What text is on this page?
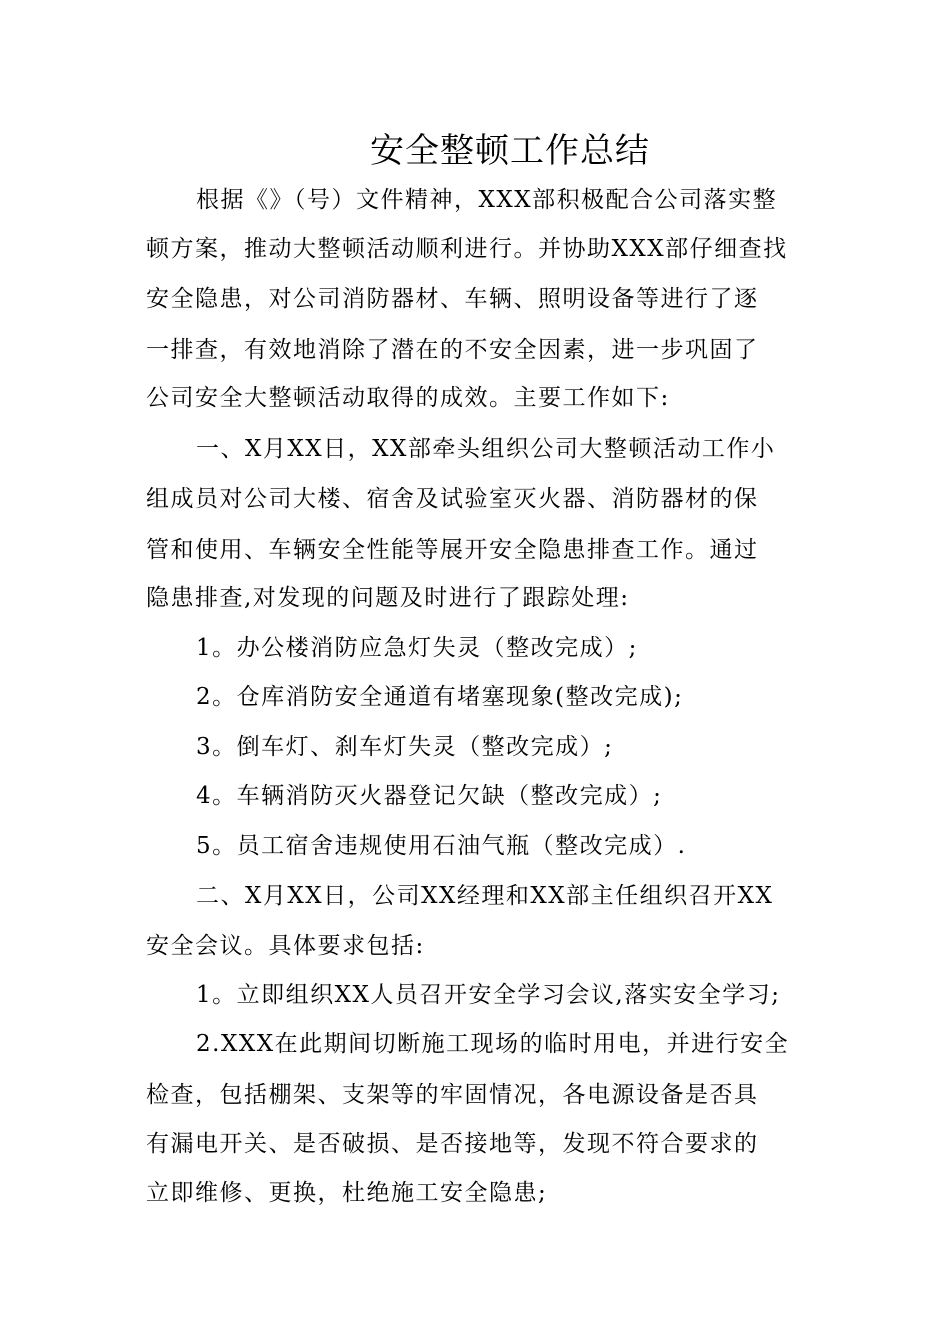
安全整顿工作总结
根据《》（号）文件精神，XXX部积极配合公司落实整
顿方案，推动大整顿活动顺利进行。并协助XXX部仔细查找
安全隐患，对公司消防器材、车辆、照明设备等进行了逐
一排查，有效地消除了潜在的不安全因素，进一步巩固了
公司安全大整顿活动取得的成效。主要工作如下:
一、X月XX日，XX部牵头组织公司大整顿活动工作小
组成员对公司大楼、宿舍及试验室灭火器、消防器材的保
管和使用、车辆安全性能等展开安全隐患排查工作。通过
隐患排查,对发现的问题及时进行了跟踪处理:
1。办公楼消防应急灯失灵（整改完成）;
2。仓库消防安全通道有堵塞现象(整改完成);
3。倒车灯、刹车灯失灵（整改完成）;
4。车辆消防灭火器登记欠缺（整改完成）;
5。员工宿舍违规使用石油气瓶（整改完成）.
二、X月XX日，公司XX经理和XX部主任组织召开XX
安全会议。具体要求包括:
1。立即组织XX人员召开安全学习会议,落实安全学习;
2.XXX在此期间切断施工现场的临时用电，并进行安全
检查，包括棚架、支架等的牢固情况，各电源设备是否具
有漏电开关、是否破损、是否接地等，发现不符合要求的
立即维修、更换，杜绝施工安全隐患;
